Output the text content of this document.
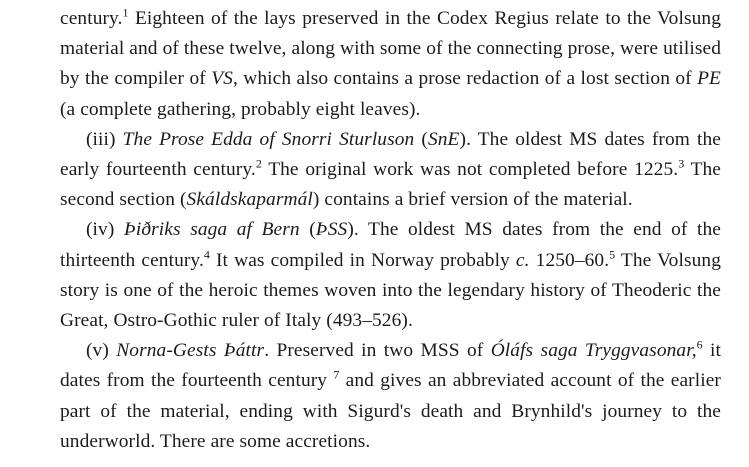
century.$^1$ Eighteen of the lays preserved in the Codex Regius relate to the Volsung material and of these twelve, along with some of the connecting prose, were utilised by the compiler of VS, which also contains a prose redaction of a lost section of PE (a complete gathering, probably eight leaves).

(iii) The Prose Edda of Snorri Sturluson (SnE). The oldest MS dates from the early fourteenth century.$^2$ The original work was not completed before 1225.$^3$ The second section (Skáldskaparmál) contains a brief version of the material.

(iv) Þiðriks saga af Bern (ÞSS). The oldest MS dates from the end of the thirteenth century.$^4$ It was compiled in Norway probably c. 1250–60.$^5$ The Volsung story is one of the heroic themes woven into the legendary history of Theoderic the Great, Ostro-Gothic ruler of Italy (493–526).

(v) Norna-Gests Þáttr. Preserved in two MSS of Óláfs saga Tryggvasonar,$^6$ it dates from the fourteenth century $^7$ and gives an abbreviated account of the earlier part of the material, ending with Sigurd's death and Brynhild's journey to the underworld. There are some accretions.
